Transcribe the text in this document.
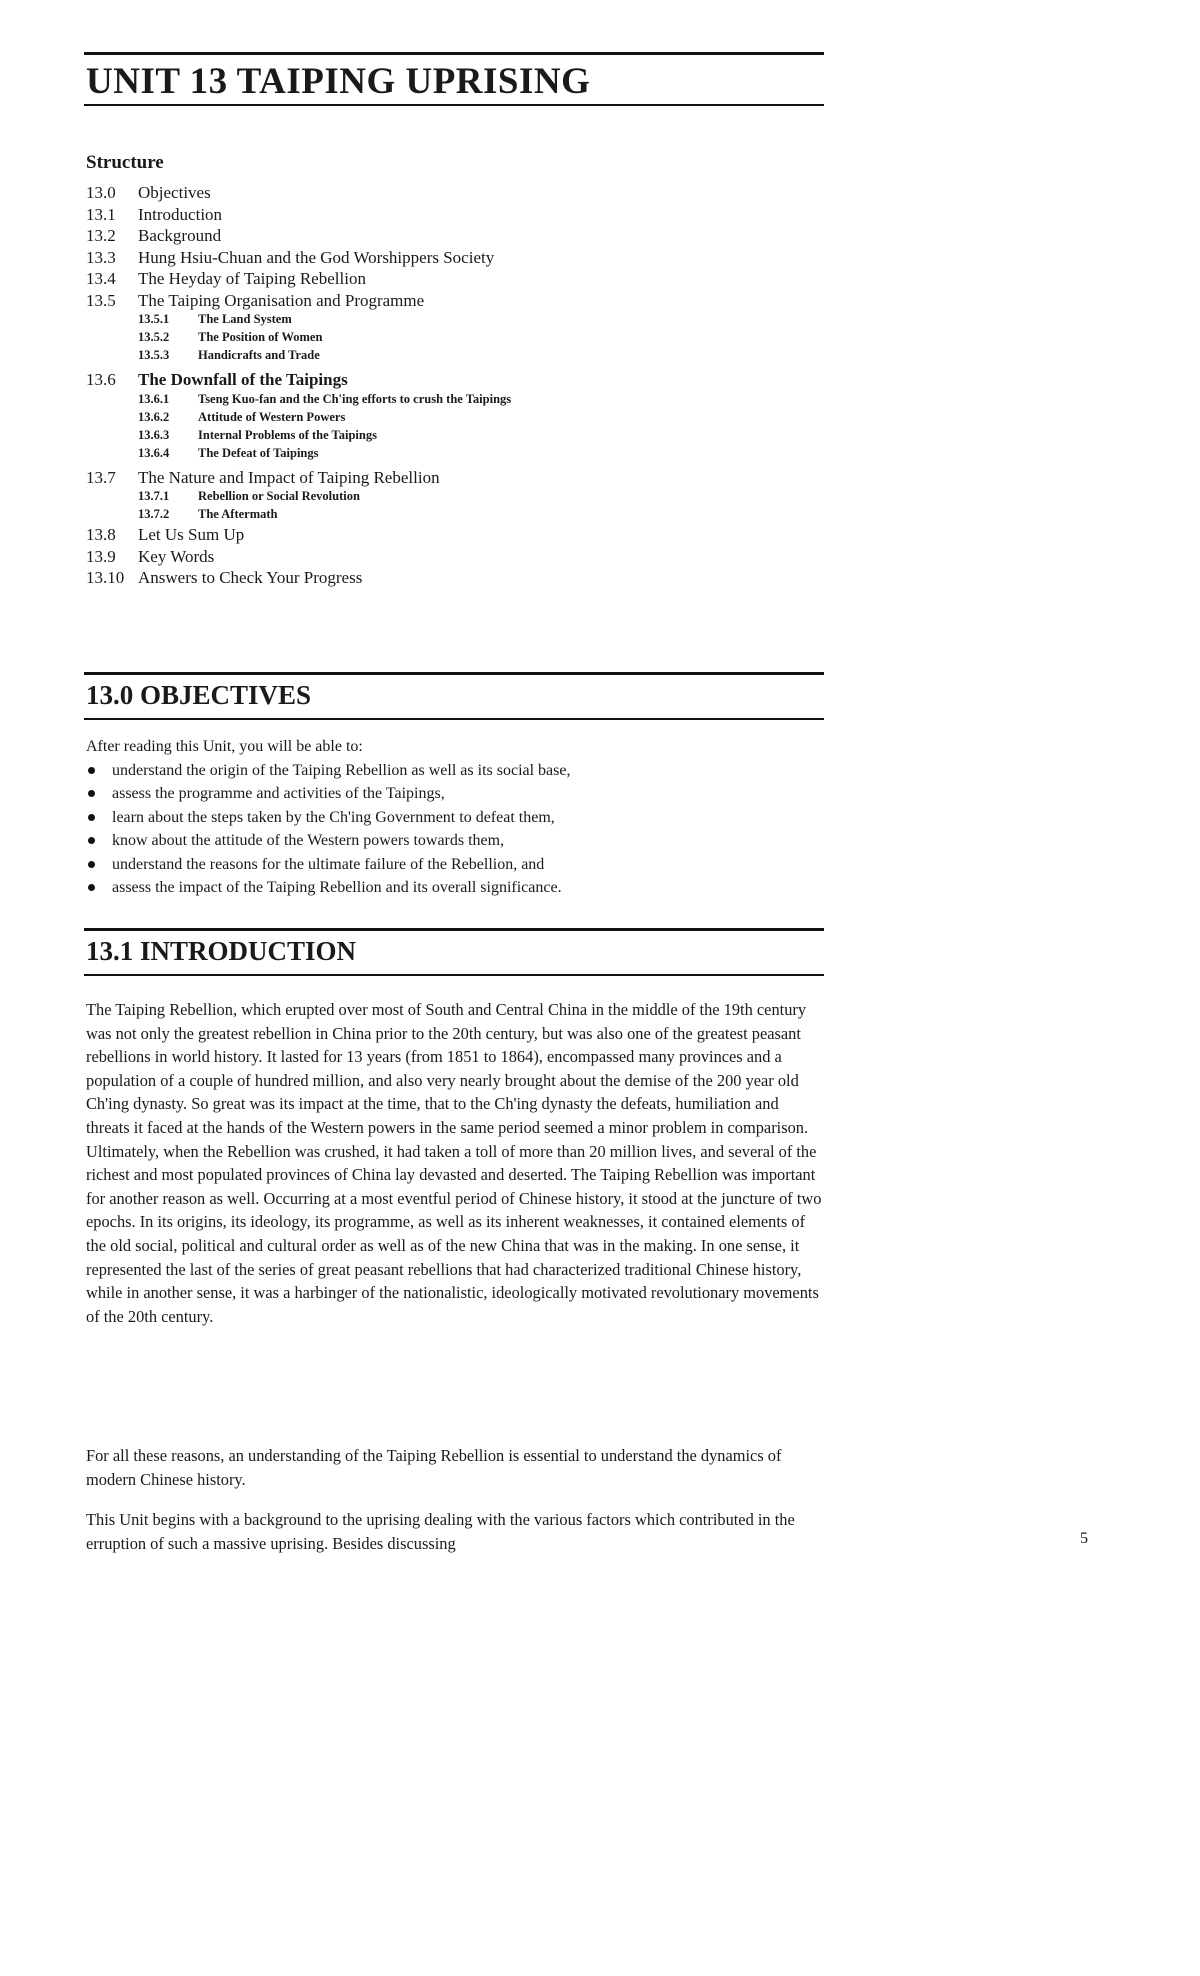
UNIT 13 TAIPING UPRISING
Structure
13.0 Objectives
13.1 Introduction
13.2 Background
13.3 Hung Hsiu-Chuan and the God Worshippers Society
13.4 The Heyday of Taiping Rebellion
13.5 The Taiping Organisation and Programme
13.5.1 The Land System
13.5.2 The Position of Women
13.5.3 Handicrafts and Trade
13.6 The Downfall of the Taipings
13.6.1 Tseng Kuo-fan and the Ch'ing efforts to crush the Taipings
13.6.2 Attitude of Western Powers
13.6.3 Internal Problems of the Taipings
13.6.4 The Defeat of Taipings
13.7 The Nature and Impact of Taiping Rebellion
13.7.1 Rebellion or Social Revolution
13.7.2 The Aftermath
13.8 Let Us Sum Up
13.9 Key Words
13.10 Answers to Check Your Progress
13.0 OBJECTIVES

After reading this Unit, you will be able to:

understand the origin of the Taiping Rebellion as well as its social base,
assess the programme and activities of the Taipings,
learn about the steps taken by the Ch'ing Government to defeat them,
know about the attitude of the Western powers towards them,
understand the reasons for the ultimate failure of the Rebellion, and
assess the impact of the Taiping Rebellion and its overall significance.
13.1 INTRODUCTION

The Taiping Rebellion, which erupted over most of South and Central China in the middle of the 19th century was not only the greatest rebellion in China prior to the 20th century, but was also one of the greatest peasant rebellions in world history. It lasted for 13 years (from 1851 to 1864), encompassed many provinces and a population of a couple of hundred million, and also very nearly brought about the demise of the 200 year old Ch'ing dynasty. So great was its impact at the time, that to the Ch'ing dynasty the defeats, humiliation and threats it faced at the hands of the Western powers in the same period seemed a minor problem in comparison. Ultimately, when the Rebellion was crushed, it had taken a toll of more than 20 million lives, and several of the richest and most populated provinces of China lay devasted and deserted. The Taiping Rebellion was important for another reason as well. Occurring at a most eventful period of Chinese history, it stood at the juncture of two epochs. In its origins, its ideology, its programme, as well as its inherent weaknesses, it contained elements of the old social, political and cultural order as well as of the new China that was in the making. In one sense, it represented the last of the series of great peasant rebellions that had characterized traditional Chinese history, while in another sense, it was a harbinger of the nationalistic, ideologically motivated revolutionary movements of the 20th century.

For all these reasons, an understanding of the Taiping Rebellion is essential to understand the dynamics of modern Chinese history.

This Unit begins with a background to the uprising dealing with the various factors which contributed in the erruption of such a massive uprising. Besides discussing	5
